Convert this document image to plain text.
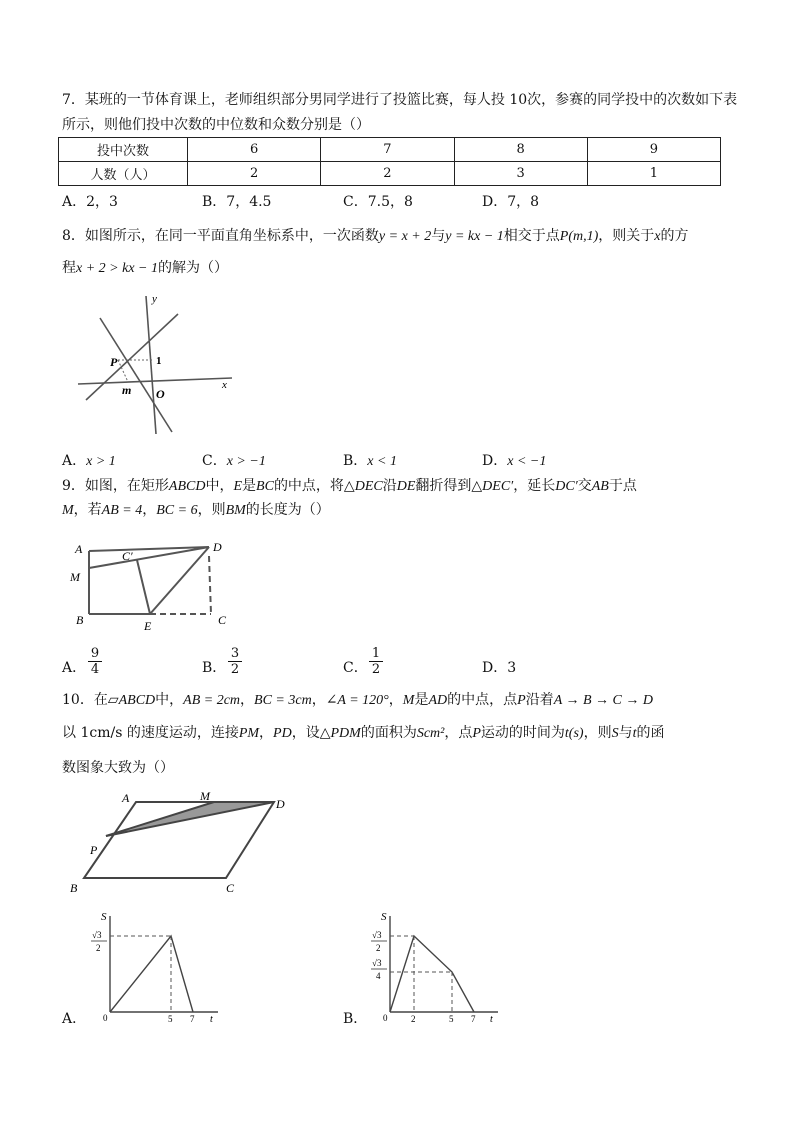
7．某班的一节体育课上，老师组织部分男同学进行了投篮比赛，每人投 10次，参赛的同学投中的次数如下表
所示，则他们投中次数的中位数和众数分别是（）
投中次数	6	7	8	9
人数（人）	2	2	3	1
A．2，3	B．7，4.5	C．7.5，8	D．7，8
8．如图所示，在同一平面直角坐标系中，一次函数y = x + 2与y = kx − 1相交于点P(m,1)，则关于x的方
程x + 2 > kx − 1的解为（）
y
x
P	1
m O
A．x > 1	C．x > −1	B．x < 1	D．x < −1
9．如图，在矩形ABCD中，E是BC的中点，将△DEC沿DE翻折得到△DEC′，延长DC′交AB于点
M，若AB = 4，BC = 6，则BM的长度为（）
A	D
C′
M
B	E	C
A． $\frac{9}{4}$	B． $\frac{3}{2}$	C． $\frac{1}{2}$	D．3
10．在▱ABCD中，AB = 2cm，BC = 3cm，∠A = 120°，M是AD的中点，点P沿着A → B → C → D
以 1cm/s 的速度运动，连接PM，PD，设△PDM的面积为Scm²，点P运动的时间为t(s)，则S与t的函
数图象大致为（）
A	M
D
P
B	C
A．
S
√3
2
0	5 7 t	B．
S
√3
2
√3
4
0	2	5 7 t
